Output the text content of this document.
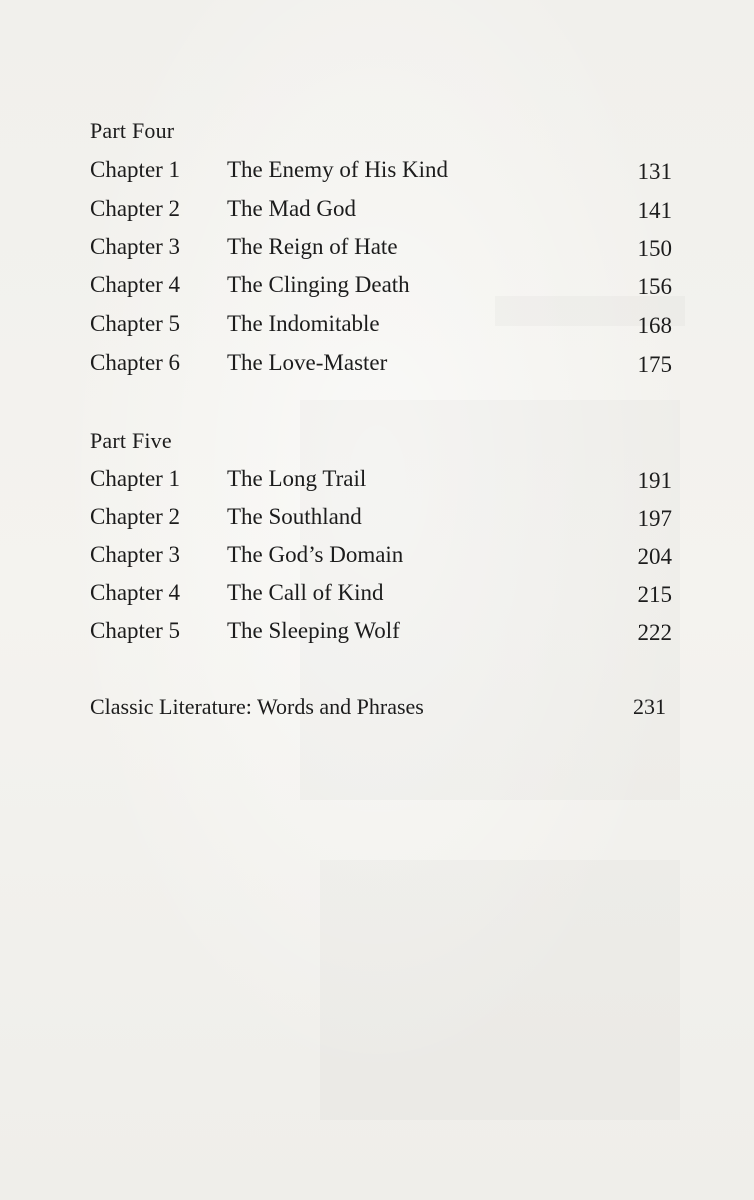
Part Four
Chapter 1 The Enemy of His Kind	131
Chapter 2 The Mad God	141
Chapter 3 The Reign of Hate	150
Chapter 4 The Clinging Death	156
Chapter 5 The Indomitable	168
Chapter 6 The Love-Master	175
Part Five
Chapter 1 The Long Trail	191
Chapter 2 The Southland	197
Chapter 3 The God’s Domain	204
Chapter 4 The Call of Kind	215
Chapter 5 The Sleeping Wolf	222
Classic Literature: Words and Phrases	231
